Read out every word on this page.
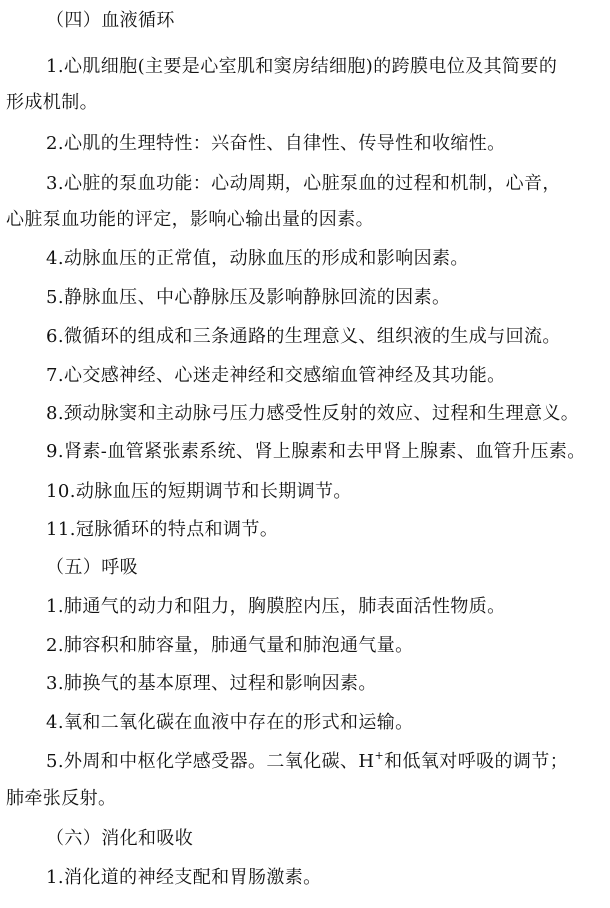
（四）血液循环
1.心肌细胞(主要是心室肌和窦房结细胞)的跨膜电位及其简要的
形成机制。
2.心肌的生理特性：兴奋性、自律性、传导性和收缩性。
3.心脏的泵血功能：心动周期，心脏泵血的过程和机制，心音，
心脏泵血功能的评定，影响心输出量的因素。
4.动脉血压的正常值，动脉血压的形成和影响因素。
5.静脉血压、中心静脉压及影响静脉回流的因素。
6.微循环的组成和三条通路的生理意义、组织液的生成与回流。
7.心交感神经、心迷走神经和交感缩血管神经及其功能。
8.颈动脉窦和主动脉弓压力感受性反射的效应、过程和生理意义。
9.肾素-血管紧张素系统、肾上腺素和去甲肾上腺素、血管升压素。
10.动脉血压的短期调节和长期调节。
11.冠脉循环的特点和调节。
（五）呼吸
1.肺通气的动力和阻力，胸膜腔内压，肺表面活性物质。
2.肺容积和肺容量，肺通气量和肺泡通气量。
3.肺换气的基本原理、过程和影响因素。
4.氧和二氧化碳在血液中存在的形式和运输。
5.外周和中枢化学感受器。二氧化碳、H+和低氧对呼吸的调节；
肺牵张反射。
（六）消化和吸收
1.消化道的神经支配和胃肠激素。
